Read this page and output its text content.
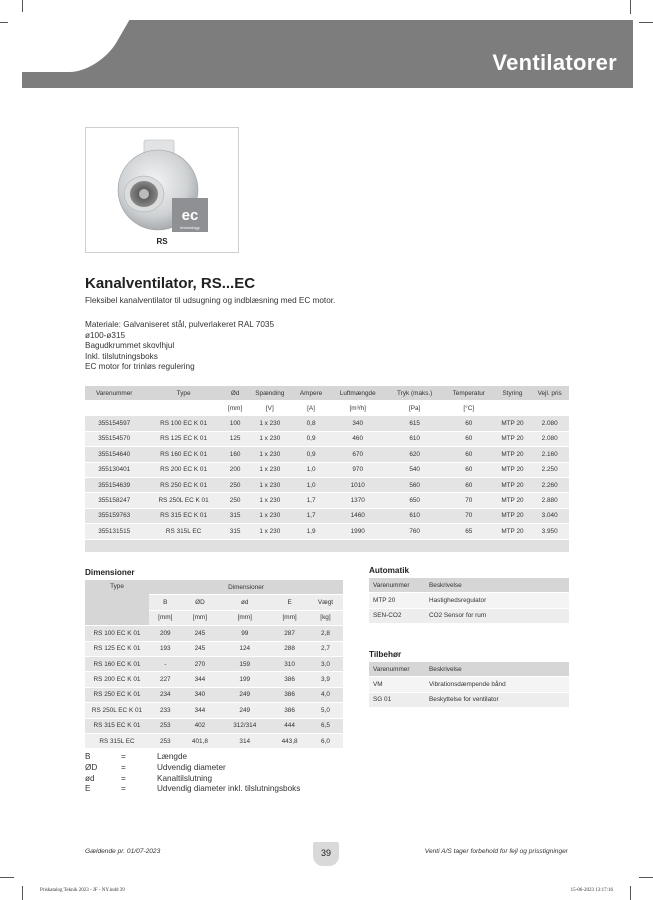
Ventilatorer
ec
technology
RS
Kanalventilator, RS...EC
Fleksibel kanalventilator til udsugning og indblæsning med EC motor.
Materiale: Galvaniseret stål, pulverlakeret RAL 7035
ø100-ø315
Bagudkrummet skovlhjul
Inkl. tilslutningsboks
EC motor for trinløs regulering
Varenummer	Type	Ød	Spænding	Ampere	Luftmængde	Tryk (maks.)	Temperatur	Styring	Vejl. pris
		[mm]	[V]	[A]	[m³/h]	[Pa]	[°C]		
355154597	RS 100 EC K 01	100	1 x 230	0,8	340	615	60	MTP 20	2.080
355154570	RS 125 EC K 01	125	1 x 230	0,9	460	610	60	MTP 20	2.080
355154640	RS 160 EC K 01	160	1 x 230	0,9	670	620	60	MTP 20	2.160
355130401	RS 200 EC K 01	200	1 x 230	1,0	970	540	60	MTP 20	2.250
355154639	RS 250 EC K 01	250	1 x 230	1,0	1010	560	60	MTP 20	2.260
355158247	RS 250L EC K 01	250	1 x 230	1,7	1370	650	70	MTP 20	2.880
355159763	RS 315 EC K 01	315	1 x 230	1,7	1460	610	70	MTP 20	3.040
355131515	RS 315L EC	315	1 x 230	1,9	1990	760	65	MTP 20	3.950

Dimensioner
Type	Dimensioner				
	B	ØD	ød	E	Vægt
	[mm]	[mm]	[mm]	[mm]	[kg]
RS 100 EC K 01	209	245	99	287	2,8
RS 125 EC K 01	193	245	124	288	2,7
RS 160 EC K 01	-	270	159	310	3,0
RS 200 EC K 01	227	344	199	386	3,9
RS 250 EC K 01	234	340	249	386	4,0
RS 250L EC K 01	233	344	249	386	5,0
RS 315 EC K 01	253	402	312/314	444	6,5
RS 315L EC	253	401,8	314	443,8	6,0
Automatik
Varenummer	Beskrivelse
MTP 20	Hastighedsregulator
SEN-CO2	CO2 Sensor for rum
Tilbehør
Varenummer	Beskrivelse
VM	Vibrationsdæmpende bånd
SG 01	Beskyttelse for ventilator
B	=	Længde
ØD	=	Udvendig diameter
ød	=	Kanaltilslutning
E	=	Udvendig diameter inkl. tilslutningsboks
Gældende pr. 01/07-2023	39	Venti A/S tager forbehold for fejl og prisstigninger
Priskatalog Teknik 2023 - JF - NY.indd 39	15-06-2023 13:17:16
